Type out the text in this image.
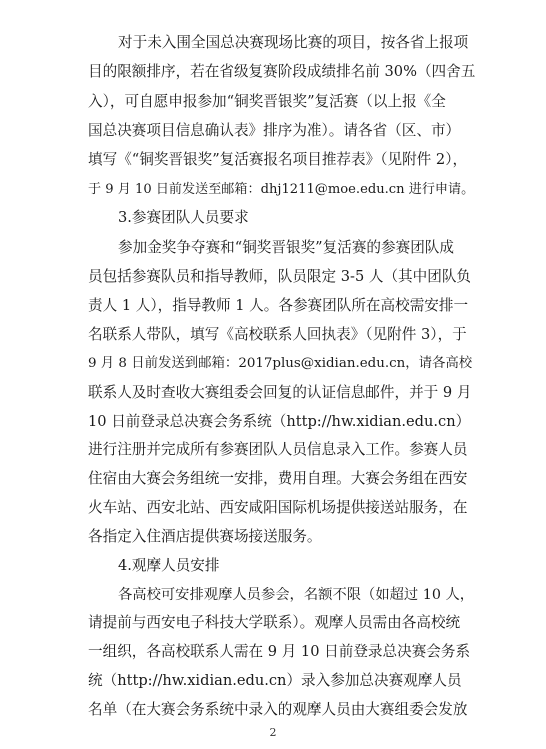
对于未入围全国总决赛现场比赛的项目，按各省上报项
目的限额排序，若在省级复赛阶段成绩排名前 30%（四舍五
入），可自愿申报参加“铜奖晋银奖”复活赛（以上报《全
国总决赛项目信息确认表》排序为准）。请各省（区、市）
填写《“铜奖晋银奖”复活赛报名项目推荐表》（见附件 2），
于 9 月 10 日前发送至邮箱：dhj1211@moe.edu.cn 进行申请。
3.参赛团队人员要求
参加金奖争夺赛和“铜奖晋银奖”复活赛的参赛团队成
员包括参赛队员和指导教师，队员限定 3-5 人（其中团队负
责人 1 人），指导教师 1 人。各参赛团队所在高校需安排一
名联系人带队，填写《高校联系人回执表》（见附件 3），于
9 月 8 日前发送到邮箱：2017plus@xidian.edu.cn，请各高校
联系人及时查收大赛组委会回复的认证信息邮件，并于 9 月
10 日前登录总决赛会务系统（http://hw.xidian.edu.cn）
进行注册并完成所有参赛团队人员信息录入工作。参赛人员
住宿由大赛会务组统一安排，费用自理。大赛会务组在西安
火车站、西安北站、西安咸阳国际机场提供接送站服务，在
各指定入住酒店提供赛场接送服务。
4.观摩人员安排
各高校可安排观摩人员参会，名额不限（如超过 10 人，
请提前与西安电子科技大学联系）。观摩人员需由各高校统
一组织，各高校联系人需在 9 月 10 日前登录总决赛会务系
统（http://hw.xidian.edu.cn）录入参加总决赛观摩人员
名单（在大赛会务系统中录入的观摩人员由大赛组委会发放
2
